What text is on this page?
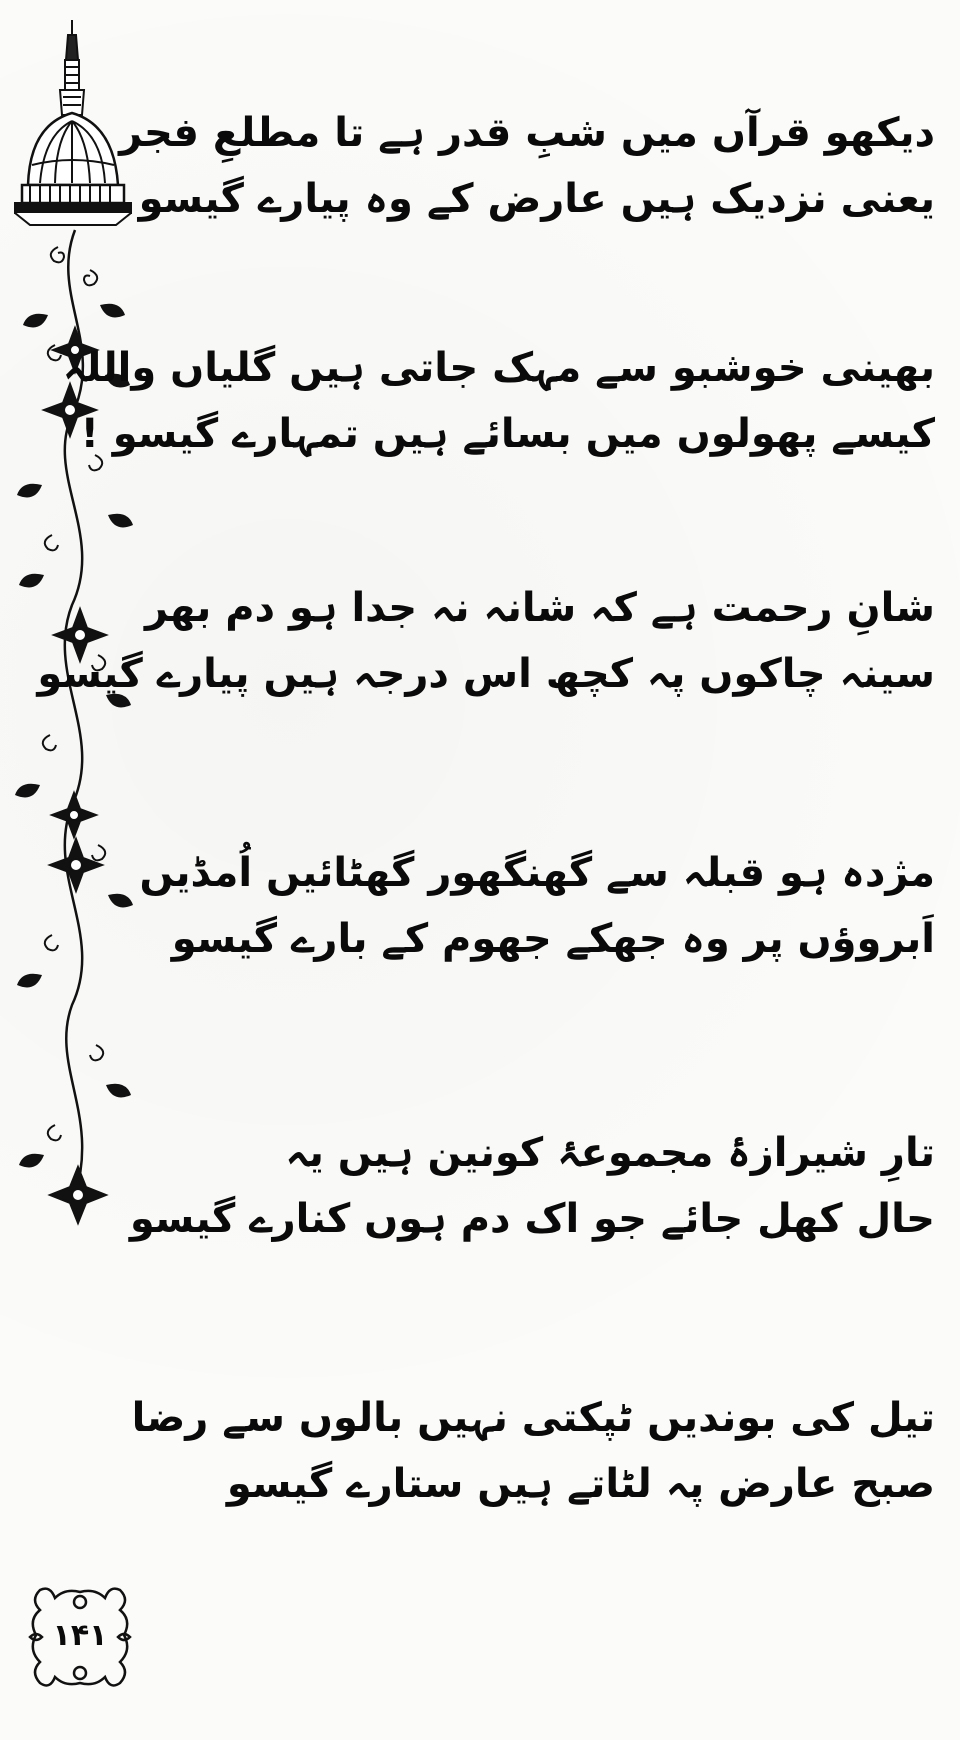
دیکھو قرآں میں شبِ قدر ہے تا مطلعِ فجر
یعنی نزدیک ہیں عارض کے وہ پیارے گیسو
بھینی خوشبو سے مہک جاتی ہیں گلیاں واللہ
کیسے پھولوں میں بسائے ہیں تمہارے گیسو !
شانِ رحمت ہے کہ شانہ نہ جدا ہو دم بھر
سینہ چاکوں پہ کچھ اس درجہ ہیں پیارے گیسو
مژدہ ہو قبلہ سے گھنگھور گھٹائیں اُمڈیں
اَبروؤں پر وہ جھکے جھوم کے بارے گیسو
تارِ شیرازۂ مجموعۂ کونین ہیں یہ
حال کھل جائے جو اک دم ہوں کنارے گیسو
تیل کی بوندیں ٹپکتی نہیں بالوں سے رضا
صبح عارض پہ لٹاتے ہیں ستارے گیسو
۱۴۱
